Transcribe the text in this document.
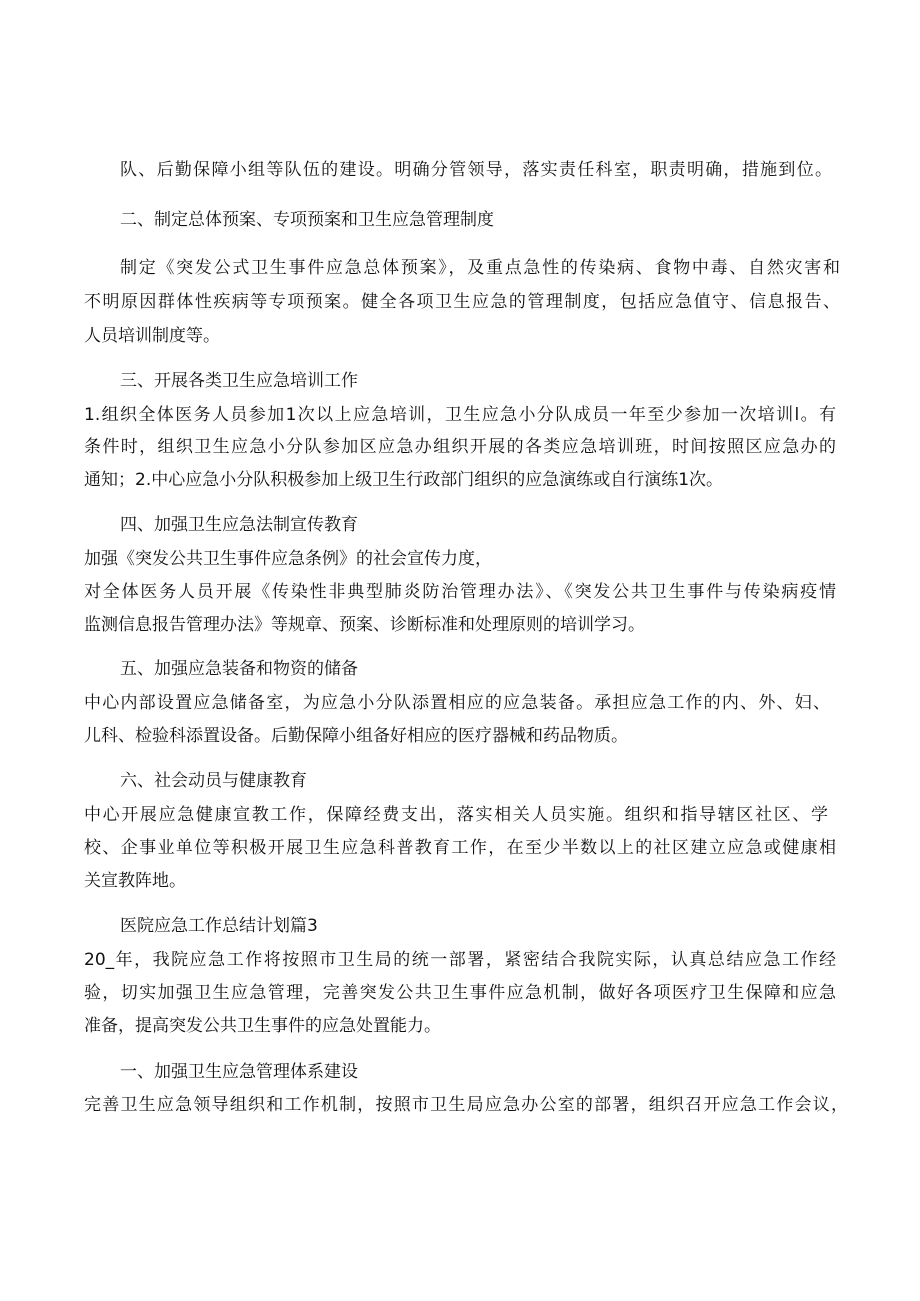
队、后勤保障小组等队伍的建设。明确分管领导，落实责任科室，职责明确，措施到位。
二、制定总体预案、专项预案和卫生应急管理制度
制定《突发公式卫生事件应急总体预案》，及重点急性的传染病、食物中毒、自然灾害和
不明原因群体性疾病等专项预案。健全各项卫生应急的管理制度，包括应急值守、信息报告、
人员培训制度等。
三、开展各类卫生应急培训工作
1.组织全体医务人员参加1次以上应急培训，卫生应急小分队成员一年至少参加一次培训l。有
条件时，组织卫生应急小分队参加区应急办组织开展的各类应急培训班，时间按照区应急办的
通知；2.中心应急小分队积极参加上级卫生行政部门组织的应急演练或自行演练1次。
四、加强卫生应急法制宣传教育
加强《突发公共卫生事件应急条例》的社会宣传力度，
对全体医务人员开展《传染性非典型肺炎防治管理办法》、《突发公共卫生事件与传染病疫情
监测信息报告管理办法》等规章、预案、诊断标准和处理原则的培训学习。
五、加强应急装备和物资的储备
中心内部设置应急储备室，为应急小分队添置相应的应急装备。承担应急工作的内、外、妇、
儿科、检验科添置设备。后勤保障小组备好相应的医疗器械和药品物质。
六、社会动员与健康教育
中心开展应急健康宣教工作，保障经费支出，落实相关人员实施。组织和指导辖区社区、学
校、企事业单位等积极开展卫生应急科普教育工作，在至少半数以上的社区建立应急或健康相
关宣教阵地。
医院应急工作总结计划篇3
20_年，我院应急工作将按照市卫生局的统一部署，紧密结合我院实际，认真总结应急工作经
验，切实加强卫生应急管理，完善突发公共卫生事件应急机制，做好各项医疗卫生保障和应急
准备，提高突发公共卫生事件的应急处置能力。
一、加强卫生应急管理体系建设
完善卫生应急领导组织和工作机制，按照市卫生局应急办公室的部署，组织召开应急工作会议，
